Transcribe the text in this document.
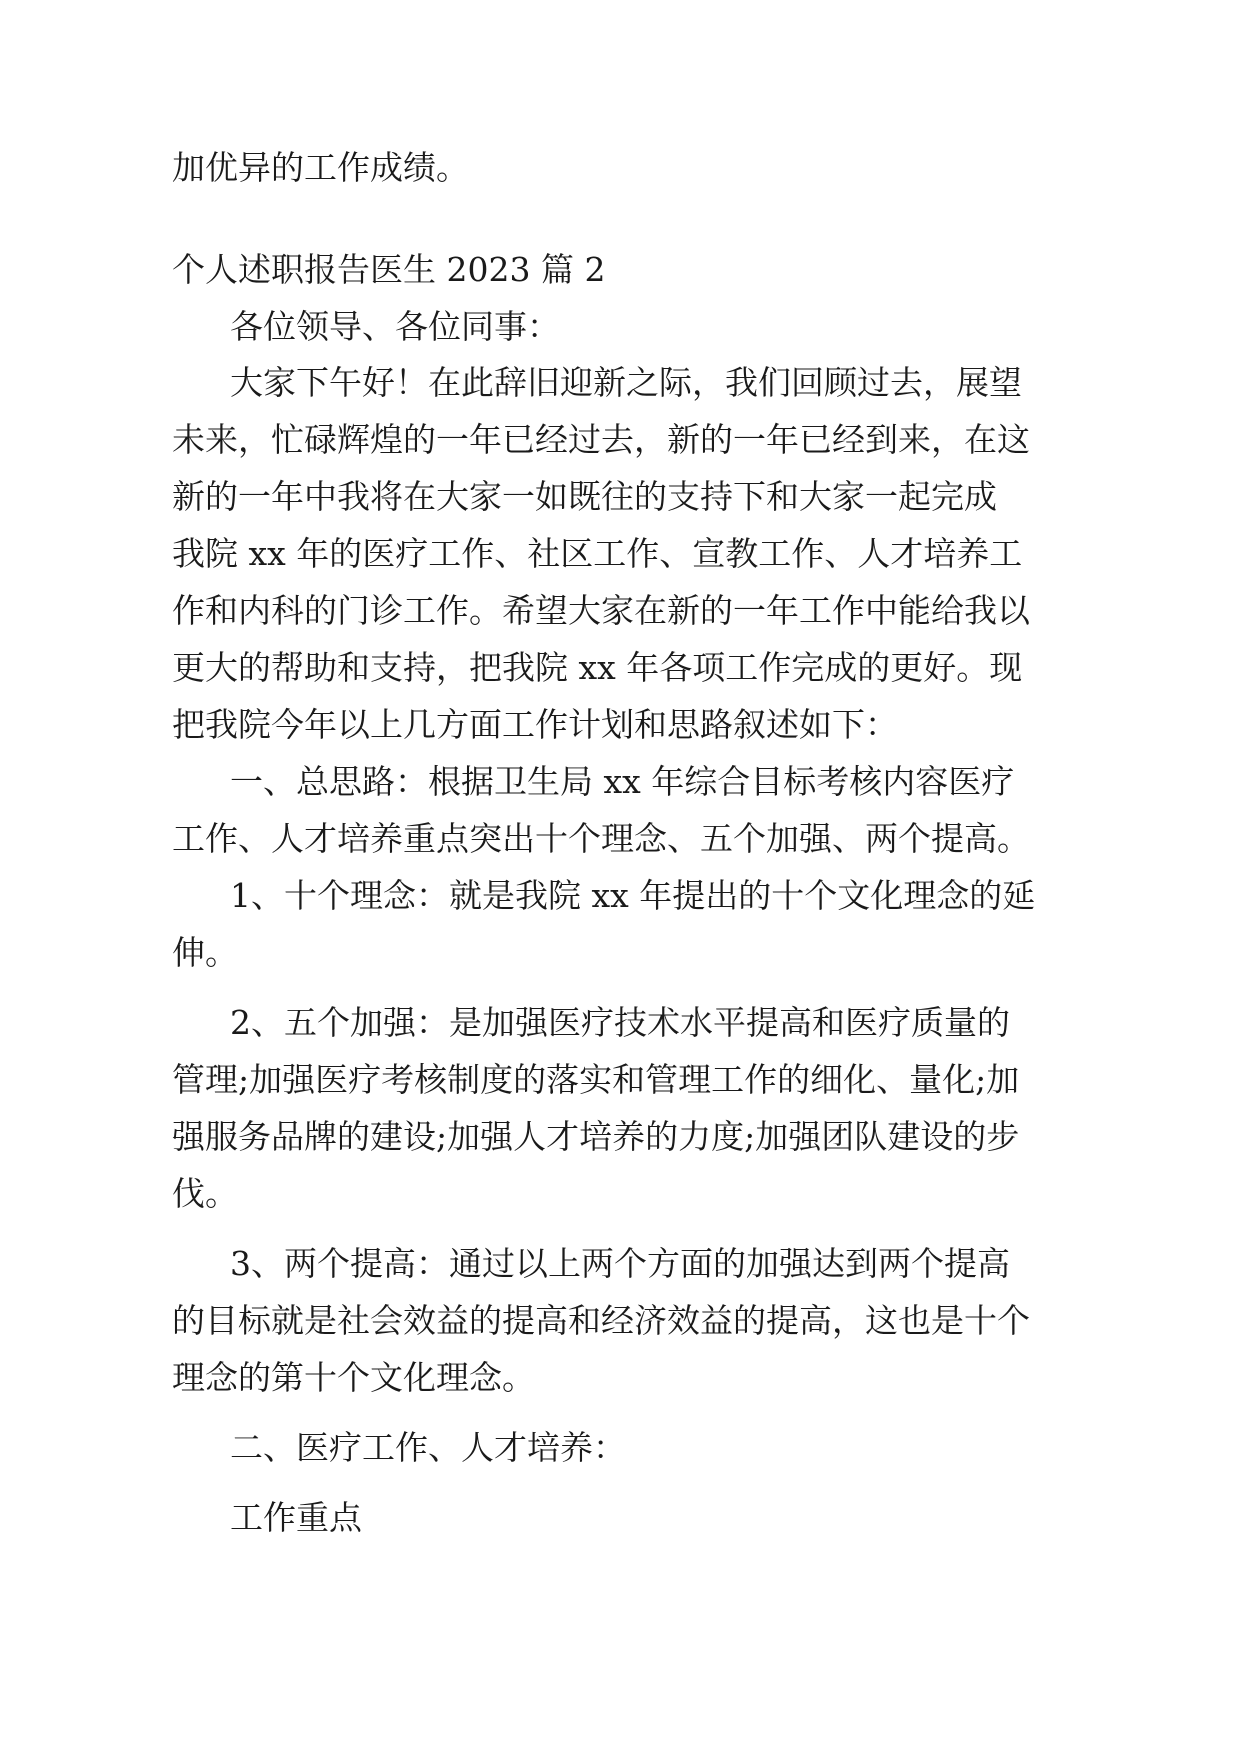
加优异的工作成绩。
个人述职报告医生 2023 篇 2
各位领导、各位同事：
大家下午好！在此辞旧迎新之际，我们回顾过去，展望
未来，忙碌辉煌的一年已经过去，新的一年已经到来，在这
新的一年中我将在大家一如既往的支持下和大家一起完成
我院 xx 年的医疗工作、社区工作、宣教工作、人才培养工
作和内科的门诊工作。希望大家在新的一年工作中能给我以
更大的帮助和支持，把我院 xx 年各项工作完成的更好。现
把我院今年以上几方面工作计划和思路叙述如下：
一、总思路：根据卫生局 xx 年综合目标考核内容医疗
工作、人才培养重点突出十个理念、五个加强、两个提高。
1、十个理念：就是我院 xx 年提出的十个文化理念的延
伸。
2、五个加强：是加强医疗技术水平提高和医疗质量的
管理;加强医疗考核制度的落实和管理工作的细化、量化;加
强服务品牌的建设;加强人才培养的力度;加强团队建设的步
伐。
3、两个提高：通过以上两个方面的加强达到两个提高
的目标就是社会效益的提高和经济效益的提高，这也是十个
理念的第十个文化理念。
二、医疗工作、人才培养：
工作重点
